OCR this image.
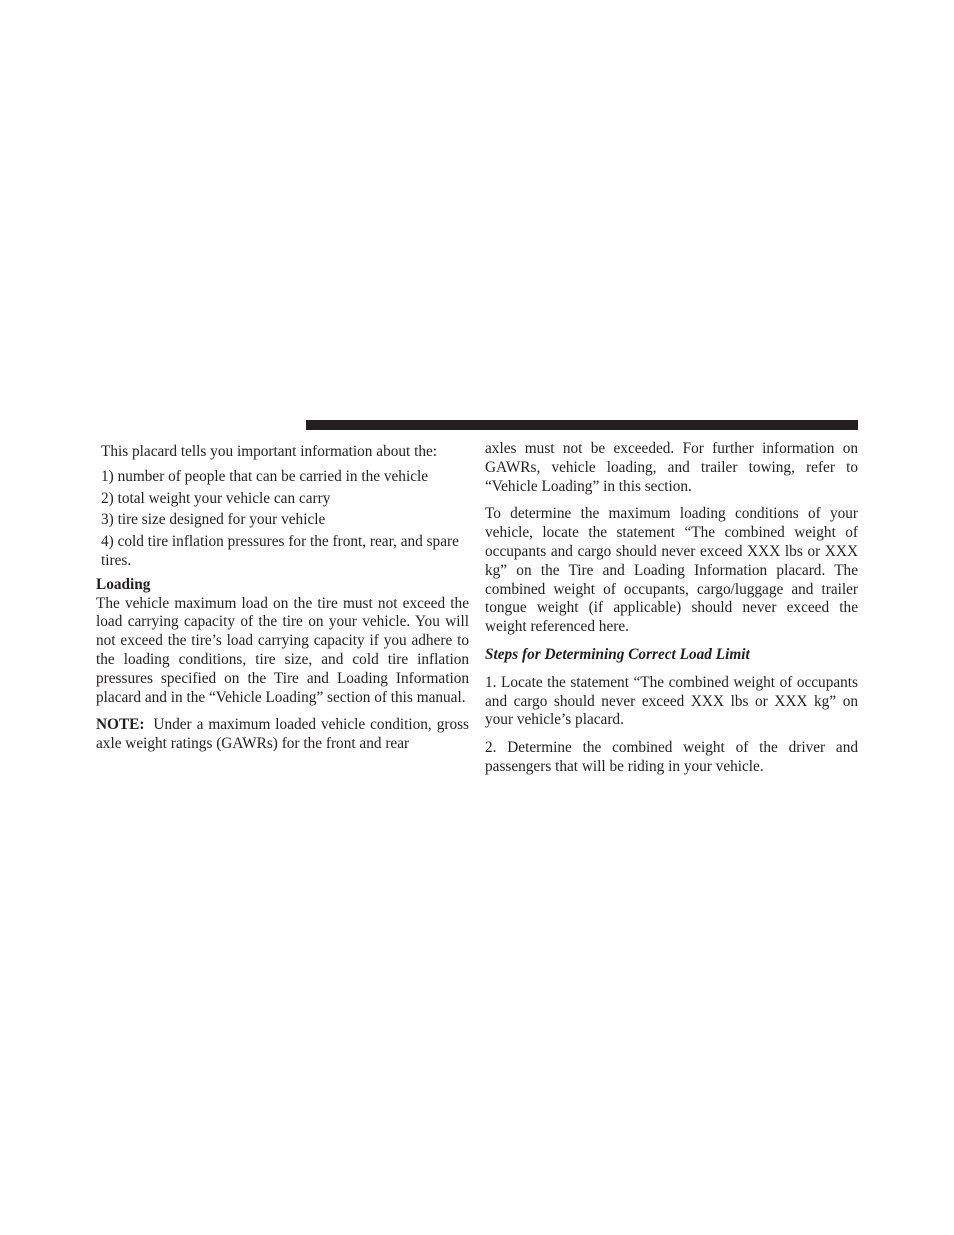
This placard tells you important information about the:

1) number of people that can be carried in the vehicle

2) total weight your vehicle can carry

3) tire size designed for your vehicle

4) cold tire inflation pressures for the front, rear, and spare tires.

Loading

The vehicle maximum load on the tire must not exceed the load carrying capacity of the tire on your vehicle. You will not exceed the tire’s load carrying capacity if you adhere to the loading conditions, tire size, and cold tire inflation pressures specified on the Tire and Loading Information placard and in the “Vehicle Loading” section of this manual.

NOTE: Under a maximum loaded vehicle condition, gross axle weight ratings (GAWRs) for the front and rear

axles must not be exceeded. For further information on GAWRs, vehicle loading, and trailer towing, refer to “Vehicle Loading” in this section.

To determine the maximum loading conditions of your vehicle, locate the statement “The combined weight of occupants and cargo should never exceed XXX lbs or XXX kg” on the Tire and Loading Information placard. The combined weight of occupants, cargo/luggage and trailer tongue weight (if applicable) should never exceed the weight referenced here.

Steps for Determining Correct Load Limit

1. Locate the statement “The combined weight of occupants and cargo should never exceed XXX lbs or XXX kg” on your vehicle’s placard.

2. Determine the combined weight of the driver and passengers that will be riding in your vehicle.
